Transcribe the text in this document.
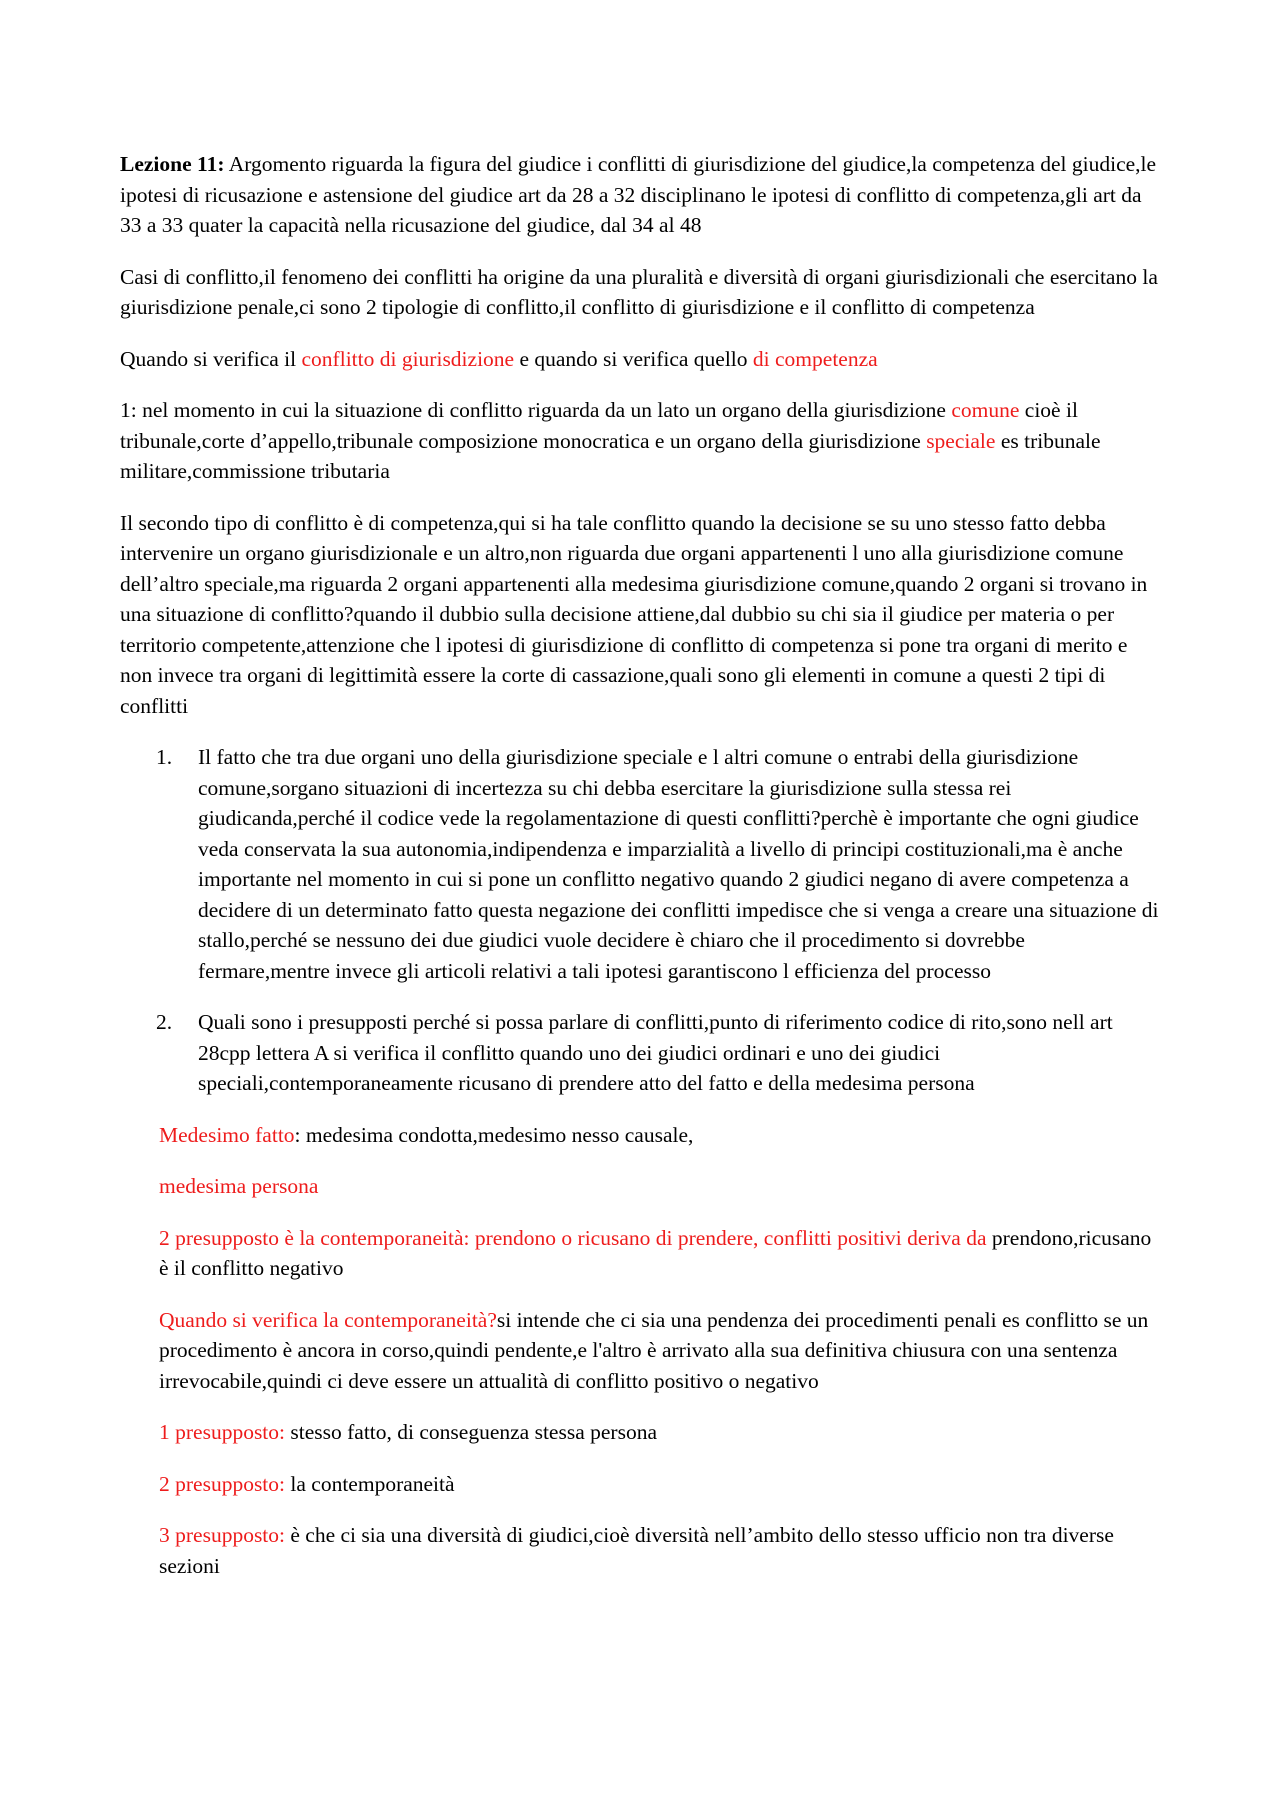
Lezione 11: Argomento riguarda la figura del giudice i conflitti di giurisdizione del giudice,la competenza del giudice,le ipotesi di ricusazione e astensione del giudice art da 28 a 32 disciplinano le ipotesi di conflitto di competenza,gli art da 33 a 33 quater la capacità nella ricusazione del giudice, dal 34 al 48

Casi di conflitto,il fenomeno dei conflitti ha origine da una pluralità e diversità di organi giurisdizionali che esercitano la giurisdizione penale,ci sono 2 tipologie di conflitto,il conflitto di giurisdizione e il conflitto di competenza

Quando si verifica il conflitto di giurisdizione e quando si verifica quello di competenza

1: nel momento in cui la situazione di conflitto riguarda da un lato un organo della giurisdizione comune cioè il tribunale,corte d’appello,tribunale composizione monocratica e un organo della giurisdizione speciale es tribunale militare,commissione tributaria

Il secondo tipo di conflitto è di competenza,qui si ha tale conflitto quando la decisione se su uno stesso fatto debba intervenire un organo giurisdizionale e un altro,non riguarda due organi appartenenti l uno alla giurisdizione comune dell’altro speciale,ma riguarda 2 organi appartenenti alla medesima giurisdizione comune,quando 2 organi si trovano in una situazione di conflitto?quando il dubbio sulla decisione attiene,dal dubbio su chi sia il giudice per materia o per territorio competente,attenzione che l ipotesi di giurisdizione di conflitto di competenza si pone tra organi di merito e non invece tra organi di legittimità essere la corte di cassazione,quali sono gli elementi in comune a questi 2 tipi di conflitti

1. Il fatto che tra due organi uno della giurisdizione speciale e l altri comune o entrabi della giurisdizione comune,sorgano situazioni di incertezza su chi debba esercitare la giurisdizione sulla stessa rei giudicanda,perché il codice vede la regolamentazione di questi conflitti?perchè è importante che ogni giudice veda conservata la sua autonomia,indipendenza e imparzialità a livello di principi costituzionali,ma è anche importante nel momento in cui si pone un conflitto negativo quando 2 giudici negano di avere competenza a decidere di un determinato fatto questa negazione dei conflitti impedisce che si venga a creare una situazione di stallo,perché se nessuno dei due giudici vuole decidere è chiaro che il procedimento si dovrebbe fermare,mentre invece gli articoli relativi a tali ipotesi garantiscono l efficienza del processo
2. Quali sono i presupposti perché si possa parlare di conflitti,punto di riferimento codice di rito,sono nell art 28cpp lettera A si verifica il conflitto quando uno dei giudici ordinari e uno dei giudici speciali,contemporaneamente ricusano di prendere atto del fatto e della medesima persona

Medesimo fatto: medesima condotta,medesimo nesso causale,

medesima persona

2 presupposto è la contemporaneità: prendono o ricusano di prendere, conflitti positivi deriva da prendono,ricusano è il conflitto negativo

Quando si verifica la contemporaneità?si intende che ci sia una pendenza dei procedimenti penali es conflitto se un procedimento è ancora in corso,quindi pendente,e l'altro è arrivato alla sua definitiva chiusura con una sentenza irrevocabile,quindi ci deve essere un attualità di conflitto positivo o negativo

1 presupposto: stesso fatto, di conseguenza stessa persona

2 presupposto: la contemporaneità

3 presupposto: è che ci sia una diversità di giudici,cioè diversità nell’ambito dello stesso ufficio non tra diverse sezioni
